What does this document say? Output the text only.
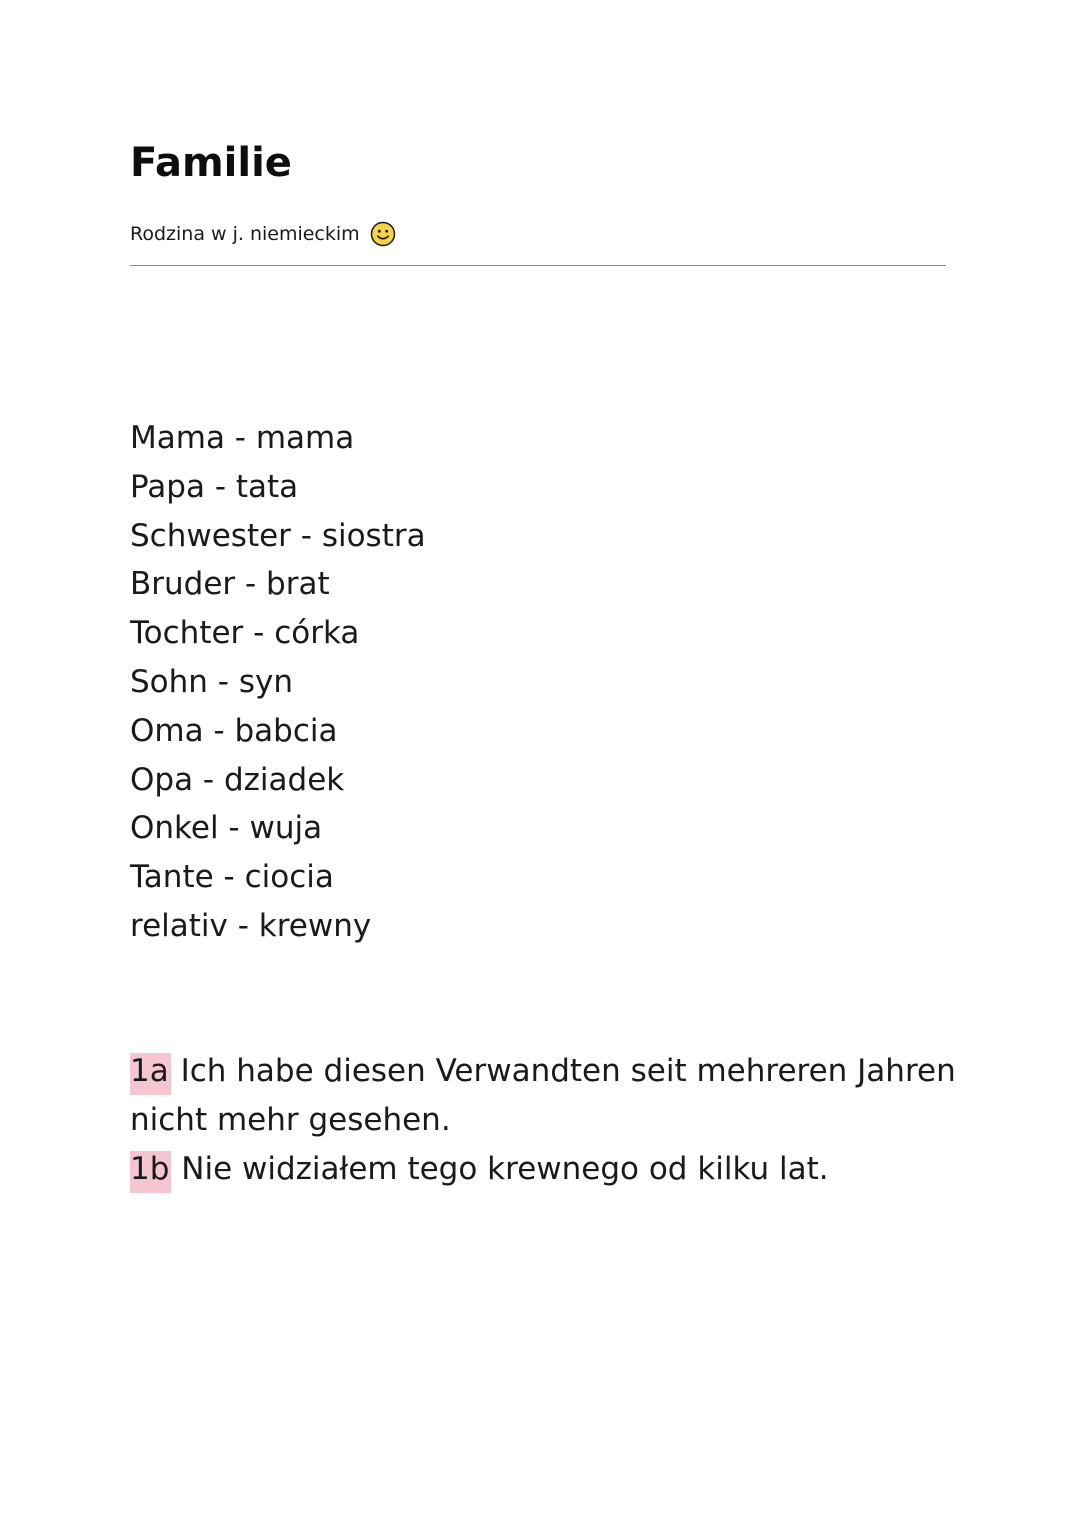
Familie
Rodzina w j. niemieckim
Mama - mama
Papa - tata
Schwester - siostra
Bruder - brat
Tochter - córka
Sohn - syn
Oma - babcia
Opa - dziadek
Onkel - wuja
Tante - ciocia
relativ - krewny

1a Ich habe diesen Verwandten seit mehreren Jahren nicht mehr gesehen.

1b Nie widziałem tego krewnego od kilku lat.
